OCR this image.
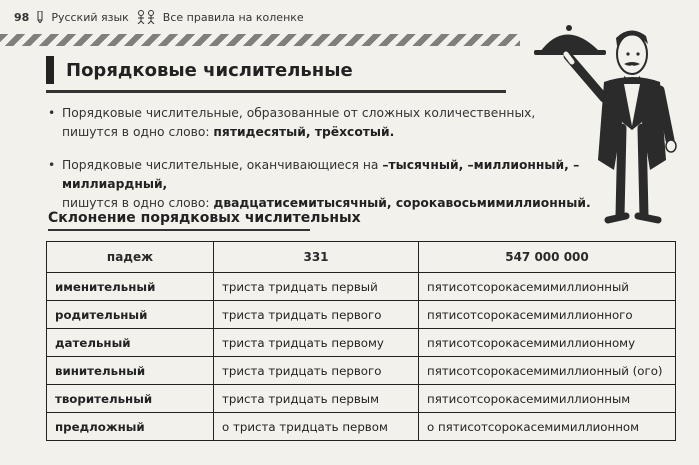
98 Русский язык	Все правила на коленке
Порядковые числительные
• Порядковые числительные, образованные от сложных количественных,
пишутся в одно слово: пятидесятый, трёхсотый.
• Порядковые числительные, оканчивающиеся на –тысячный, –миллионный, –миллиардный,
пишутся в одно слово: двадцатисемитысячный, сорокавосьмимиллионный.
Склонение порядковых числительных
падеж	331	547 000 000
именительный	триста тридцать первый	пятисотсорокасемимиллионный
родительный	триста тридцать первого	пятисотсорокасемимиллионного
дательный	триста тридцать первому	пятисотсорокасемимиллионному
винительный	триста тридцать первого	пятисотсорокасемимиллионный (ого)
творительный	триста тридцать первым	пятисотсорокасемимиллионным
предложный	о триста тридцать первом	о пятисотсорокасемимиллионном
